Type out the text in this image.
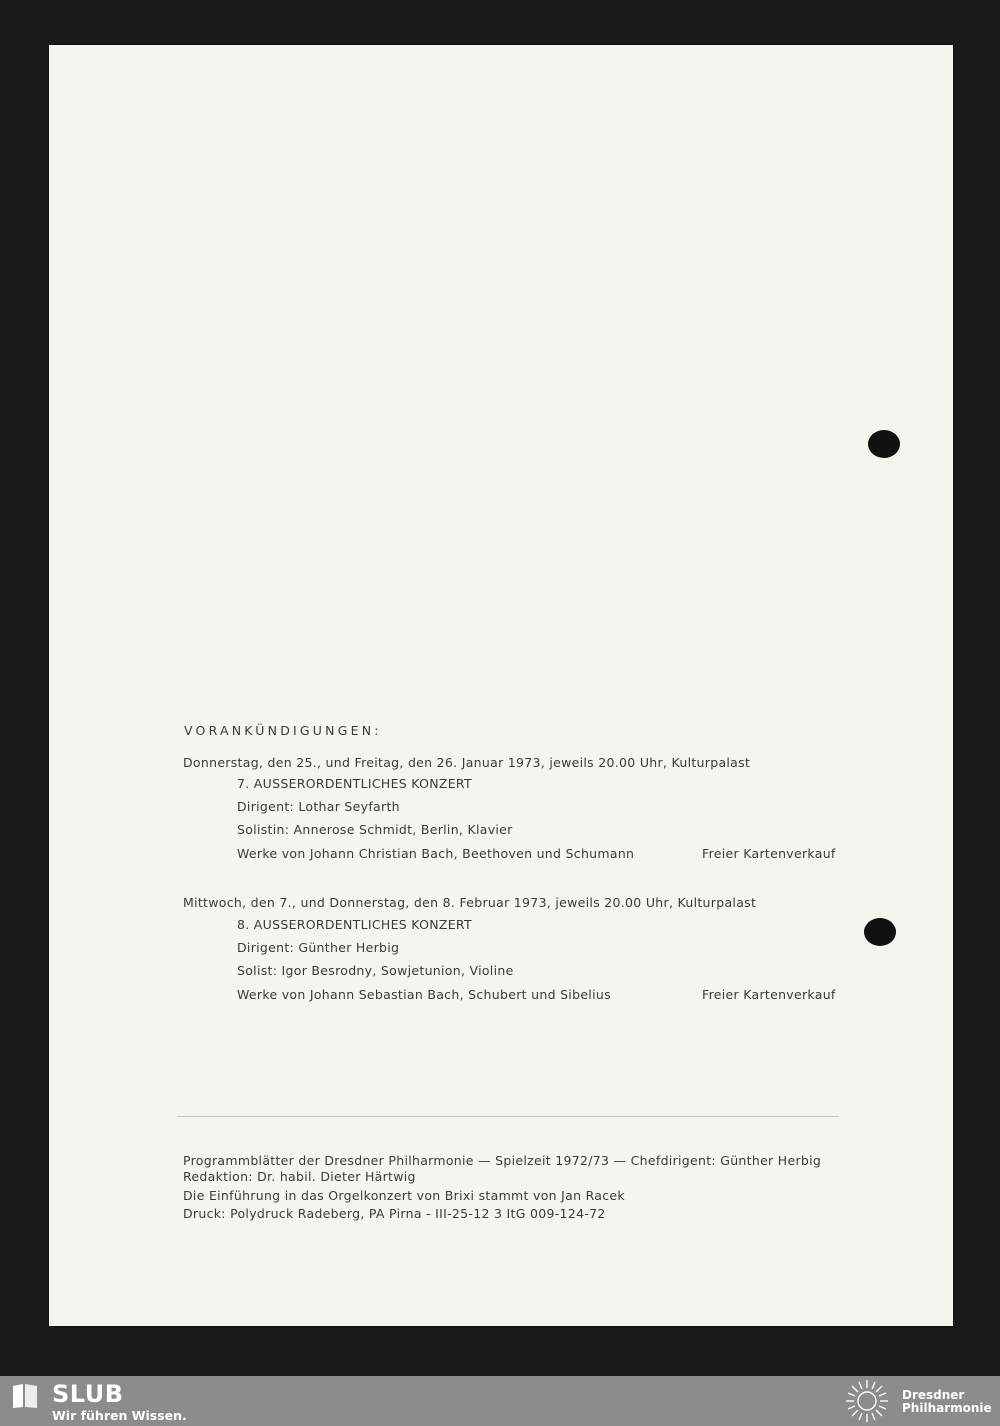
VORANKÜNDIGUNGEN:
Donnerstag, den 25., und Freitag, den 26. Januar 1973, jeweils 20.00 Uhr, Kulturpalast
7. AUSSERORDENTLICHES KONZERT
Dirigent: Lothar Seyfarth
Solistin: Annerose Schmidt, Berlin, Klavier
Werke von Johann Christian Bach, Beethoven und Schumann	Freier Kartenverkauf
Mittwoch, den 7., und Donnerstag, den 8. Februar 1973, jeweils 20.00 Uhr, Kulturpalast
8. AUSSERORDENTLICHES KONZERT
Dirigent: Günther Herbig
Solist: Igor Besrodny, Sowjetunion, Violine
Werke von Johann Sebastian Bach, Schubert und Sibelius	Freier Kartenverkauf
Programmblätter der Dresdner Philharmonie — Spielzeit 1972/73 — Chefdirigent: Günther Herbig
Redaktion: Dr. habil. Dieter Härtwig
Die Einführung in das Orgelkonzert von Brixi stammt von Jan Racek
Druck: Polydruck Radeberg, PA Pirna - III-25-12 3 ItG 009-124-72
SLUB
Wir führen Wissen.
Dresdner
Philharmonie
